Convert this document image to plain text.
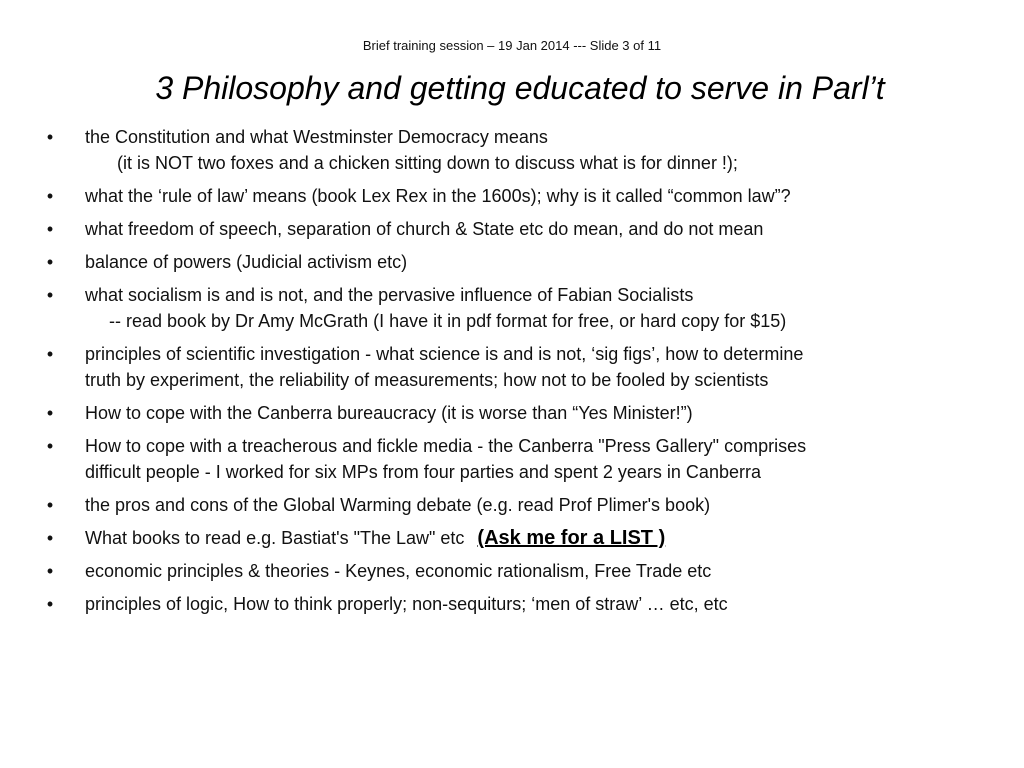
Brief training session – 19 Jan 2014 --- Slide 3 of 11
3 Philosophy and getting educated to serve in Parl’t
• the Constitution and what Westminster Democracy means
(it is NOT two foxes and a chicken sitting down to discuss what is for dinner !);
• what the ‘rule of law’ means (book Lex Rex in the 1600s); why is it called “common law”?
• what freedom of speech, separation of church & State etc do mean, and do not mean
• balance of powers (Judicial activism etc)
• what socialism is and is not, and the pervasive influence of Fabian Socialists
-- read book by Dr Amy McGrath (I have it in pdf format for free, or hard copy for $15)
• principles of scientific investigation - what science is and is not, ‘sig figs’, how to determine
truth by experiment, the reliability of measurements; how not to be fooled by scientists
• How to cope with the Canberra bureaucracy (it is worse than “Yes Minister!”)
• How to cope with a treacherous and fickle media - the Canberra "Press Gallery" comprises
difficult people - I worked for six MPs from four parties and spent 2 years in Canberra
• the pros and cons of the Global Warming debate (e.g. read Prof Plimer's book)
• What books to read e.g. Bastiat's "The Law" etc (Ask me for a LIST )
• economic principles & theories - Keynes, economic rationalism, Free Trade etc
• principles of logic, How to think properly; non-sequiturs; ‘men of straw’ … etc, etc
